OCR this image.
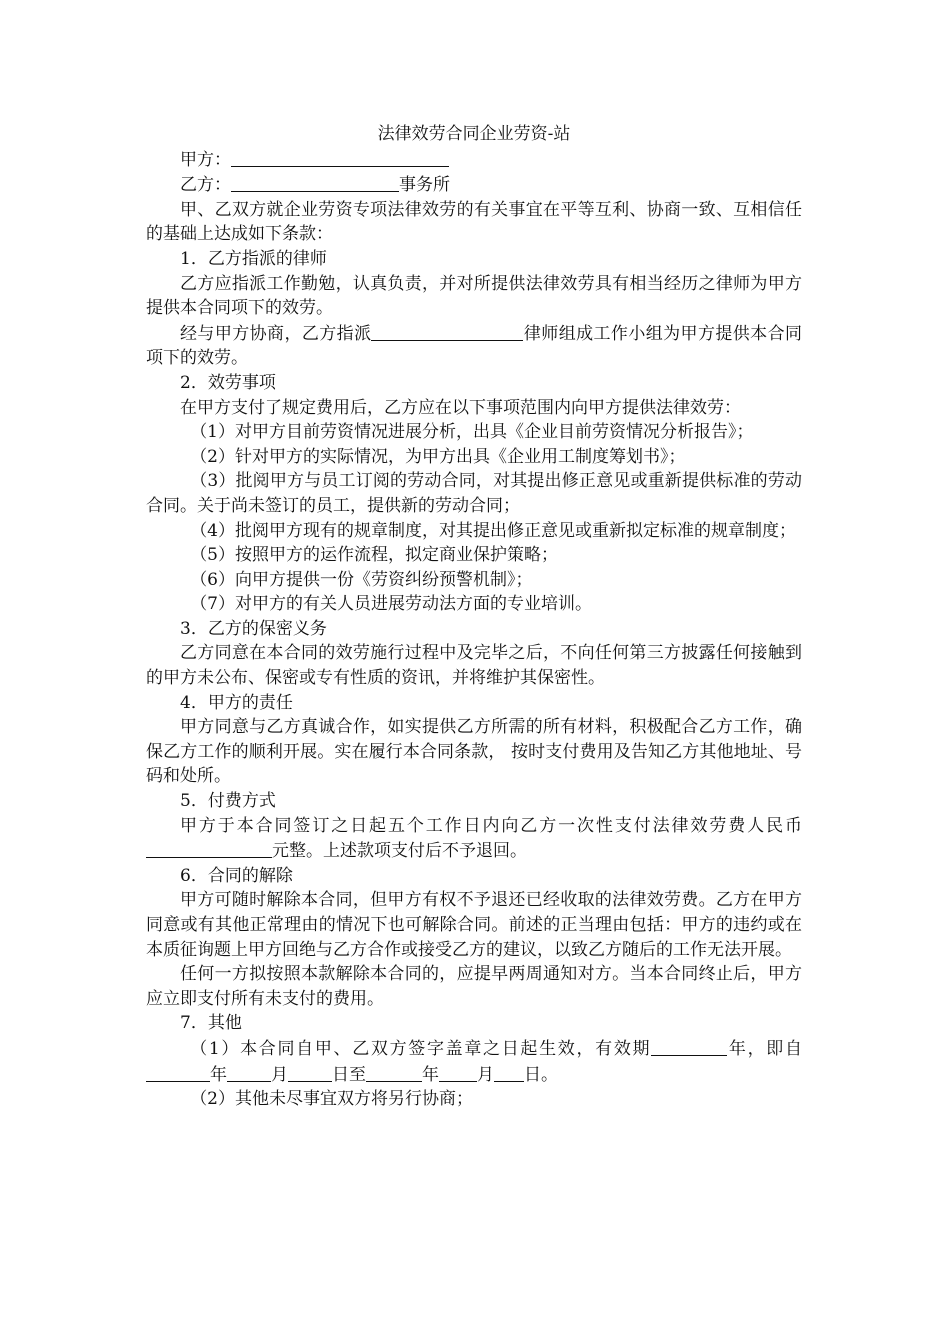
法律效劳合同企业劳资-站

甲方：

乙方：	事务所

甲、乙双方就企业劳资专项法律效劳的有关事宜在平等互利、协商一致、互相信任的基础上达成如下条款：

1．乙方指派的律师

乙方应指派工作勤勉，认真负责，并对所提供法律效劳具有相当经历之律师为甲方提供本合同项下的效劳。

经与甲方协商，乙方指派	律师组成工作小组为甲方提供本合同项下的效劳。

2．效劳事项

在甲方支付了规定费用后，乙方应在以下事项范围内向甲方提供法律效劳：

（1）对甲方目前劳资情况进展分析，出具《企业目前劳资情况分析报告》；

（2）针对甲方的实际情况，为甲方出具《企业用工制度筹划书》；

（3）批阅甲方与员工订阅的劳动合同，对其提出修正意见或重新提供标准的劳动合同。关于尚未签订的员工，提供新的劳动合同；

（4）批阅甲方现有的规章制度，对其提出修正意见或重新拟定标准的规章制度；

（5）按照甲方的运作流程，拟定商业保护策略；

（6）向甲方提供一份《劳资纠纷预警机制》；

（7）对甲方的有关人员进展劳动法方面的专业培训。

3．乙方的保密义务

乙方同意在本合同的效劳施行过程中及完毕之后，不向任何第三方披露任何接触到的甲方未公布、保密或专有性质的资讯，并将维护其保密性。

4．甲方的责任

甲方同意与乙方真诚合作，如实提供乙方所需的所有材料，积极配合乙方工作，确保乙方工作的顺利开展。实在履行本合同条款， 按时支付费用及告知乙方其他地址、号码和处所。

5．付费方式

甲方于本合同签订之日起五个工作日内向乙方一次性支付法律效劳费人民币元整。上述款项支付后不予退回。

6．合同的解除

甲方可随时解除本合同，但甲方有权不予退还已经收取的法律效劳费。乙方在甲方同意或有其他正常理由的情况下也可解除合同。前述的正当理由包括：甲方的违约或在本质征询题上甲方回绝与乙方合作或接受乙方的建议，以致乙方随后的工作无法开展。

任何一方拟按照本款解除本合同的，应提早两周通知对方。当本合同终止后，甲方应立即支付所有未支付的费用。

7．其他

（1）本合同自甲、乙双方签字盖章之日起生效，有效期	年，即自年	月	日至	年 月 日。

（2）其他未尽事宜双方将另行协商；
